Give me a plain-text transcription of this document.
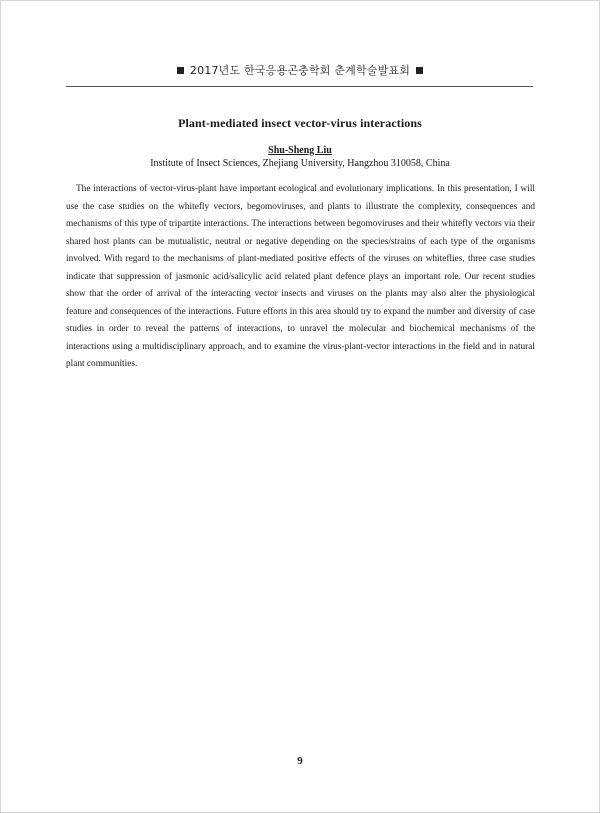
2017년도 한국응용곤충학회 춘계학술발표회
Plant-mediated insect vector-virus interactions
Shu-Sheng Liu
Institute of Insect Sciences, Zhejiang University, Hangzhou 310058, China

The interactions of vector-virus-plant have important ecological and evolutionary implications. In this presentation, I will use the case studies on the whitefly vectors, begomoviruses, and plants to illustrate the complexity, consequences and mechanisms of this type of tripartite interactions. The interactions between begomoviruses and their whitefly vectors via their shared host plants can be mutualistic, neutral or negative depending on the species/strains of each type of the organisms involved. With regard to the mechanisms of plant-mediated positive effects of the viruses on whiteflies, three case studies indicate that suppression of jasmonic acid/salicylic acid related plant defence plays an important role. Our recent studies show that the order of arrival of the interacting vector insects and viruses on the plants may also alter the physiological feature and consequences of the interactions. Future efforts in this area should try to expand the number and diversity of case studies in order to reveal the patterns of interactions, to unravel the molecular and biochemical mechanisms of the interactions using a multidisciplinary approach, and to examine the virus-plant-vector interactions in the field and in natural plant communities.

9
